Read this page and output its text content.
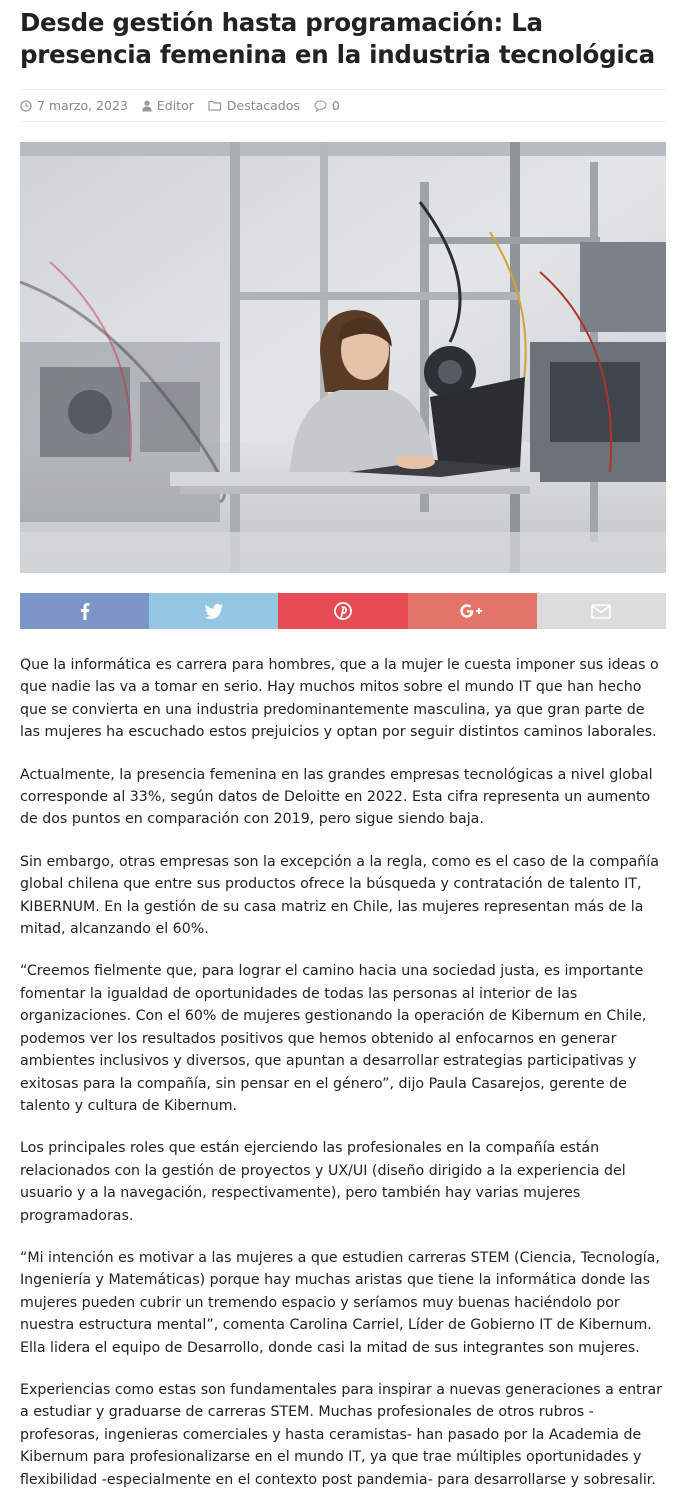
Desde gestión hasta programación: La presencia femenina en la industria tecnológica
7 marzo, 2023 Editor	Destacados	0

Que la informática es carrera para hombres, que a la mujer le cuesta imponer sus ideas o que nadie las va a tomar en serio. Hay muchos mitos sobre el mundo IT que han hecho que se convierta en una industria predominantemente masculina, ya que gran parte de las mujeres ha escuchado estos prejuicios y optan por seguir distintos caminos laborales.

Actualmente, la presencia femenina en las grandes empresas tecnológicas a nivel global corresponde al 33%, según datos de Deloitte en 2022. Esta cifra representa un aumento de dos puntos en comparación con 2019, pero sigue siendo baja.

Sin embargo, otras empresas son la excepción a la regla, como es el caso de la compañía global chilena que entre sus productos ofrece la búsqueda y contratación de talento IT, KIBERNUM. En la gestión de su casa matriz en Chile, las mujeres representan más de la mitad, alcanzando el 60%.

“Creemos fielmente que, para lograr el camino hacia una sociedad justa, es importante fomentar la igualdad de oportunidades de todas las personas al interior de las organizaciones. Con el 60% de mujeres gestionando la operación de Kibernum en Chile, podemos ver los resultados positivos que hemos obtenido al enfocarnos en generar ambientes inclusivos y diversos, que apuntan a desarrollar estrategias participativas y exitosas para la compañía, sin pensar en el género”, dijo Paula Casarejos, gerente de talento y cultura de Kibernum.

Los principales roles que están ejerciendo las profesionales en la compañía están relacionados con la gestión de proyectos y UX/UI (diseño dirigido a la experiencia del usuario y a la navegación, respectivamente), pero también hay varias mujeres programadoras.

“Mi intención es motivar a las mujeres a que estudien carreras STEM (Ciencia, Tecnología, Ingeniería y Matemáticas) porque hay muchas aristas que tiene la informática donde las mujeres pueden cubrir un tremendo espacio y seríamos muy buenas haciéndolo por nuestra estructura mental”, comenta Carolina Carriel, Líder de Gobierno IT de Kibernum. Ella lidera el equipo de Desarrollo, donde casi la mitad de sus integrantes son mujeres.

Experiencias como estas son fundamentales para inspirar a nuevas generaciones a entrar a estudiar y graduarse de carreras STEM. Muchas profesionales de otros rubros -profesoras, ingenieras comerciales y hasta ceramistas- han pasado por la Academia de Kibernum para profesionalizarse en el mundo IT, ya que trae múltiples oportunidades y flexibilidad -especialmente en el contexto post pandemia- para desarrollarse y sobresalir.
